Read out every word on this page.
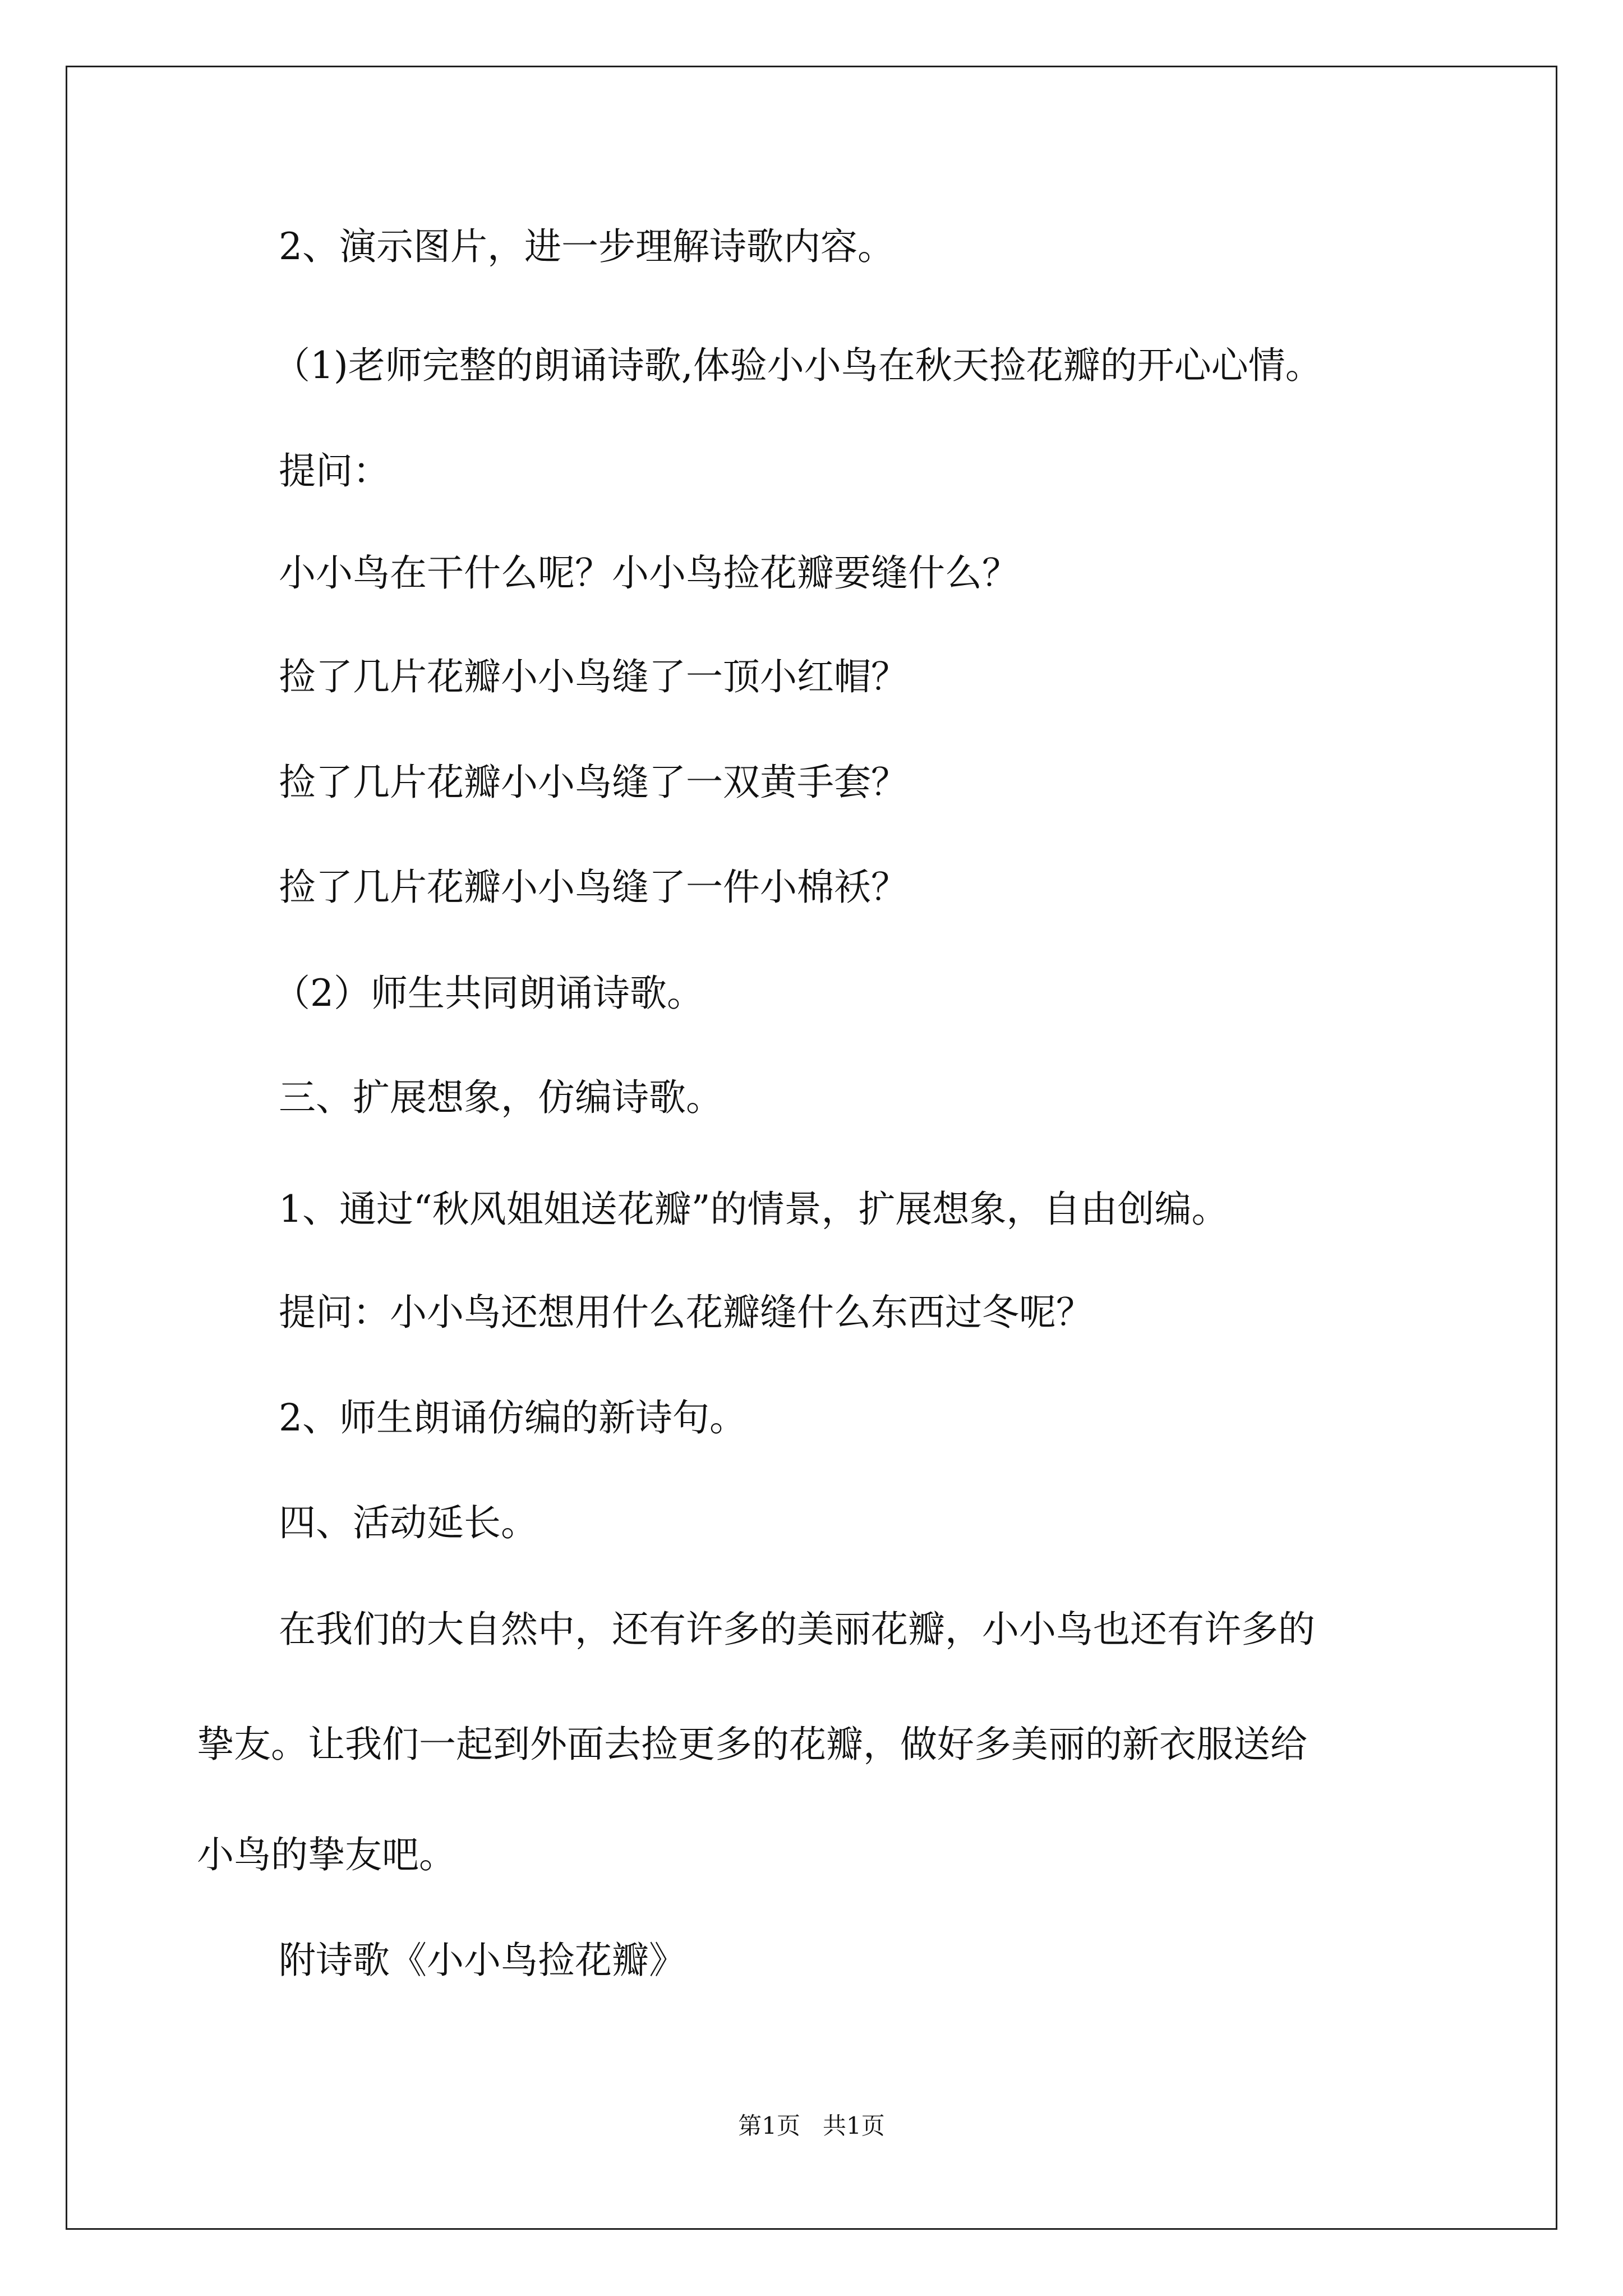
2、演示图片，进一步理解诗歌内容。
（1)老师完整的朗诵诗歌,体验小小鸟在秋天捡花瓣的开心心情。
提问：
小小鸟在干什么呢？小小鸟捡花瓣要缝什么？
捡了几片花瓣小小鸟缝了一顶小红帽？
捡了几片花瓣小小鸟缝了一双黄手套？
捡了几片花瓣小小鸟缝了一件小棉袄？
（2）师生共同朗诵诗歌。
三、扩展想象，仿编诗歌。
1、通过“秋风姐姐送花瓣”的情景，扩展想象，自由创编。
提问：小小鸟还想用什么花瓣缝什么东西过冬呢？
2、师生朗诵仿编的新诗句。
四、活动延长。
在我们的大自然中，还有许多的美丽花瓣，小小鸟也还有许多的
挚友。让我们一起到外面去捡更多的花瓣，做好多美丽的新衣服送给
小鸟的挚友吧。
附诗歌《小小鸟捡花瓣》
第1页   共1页
